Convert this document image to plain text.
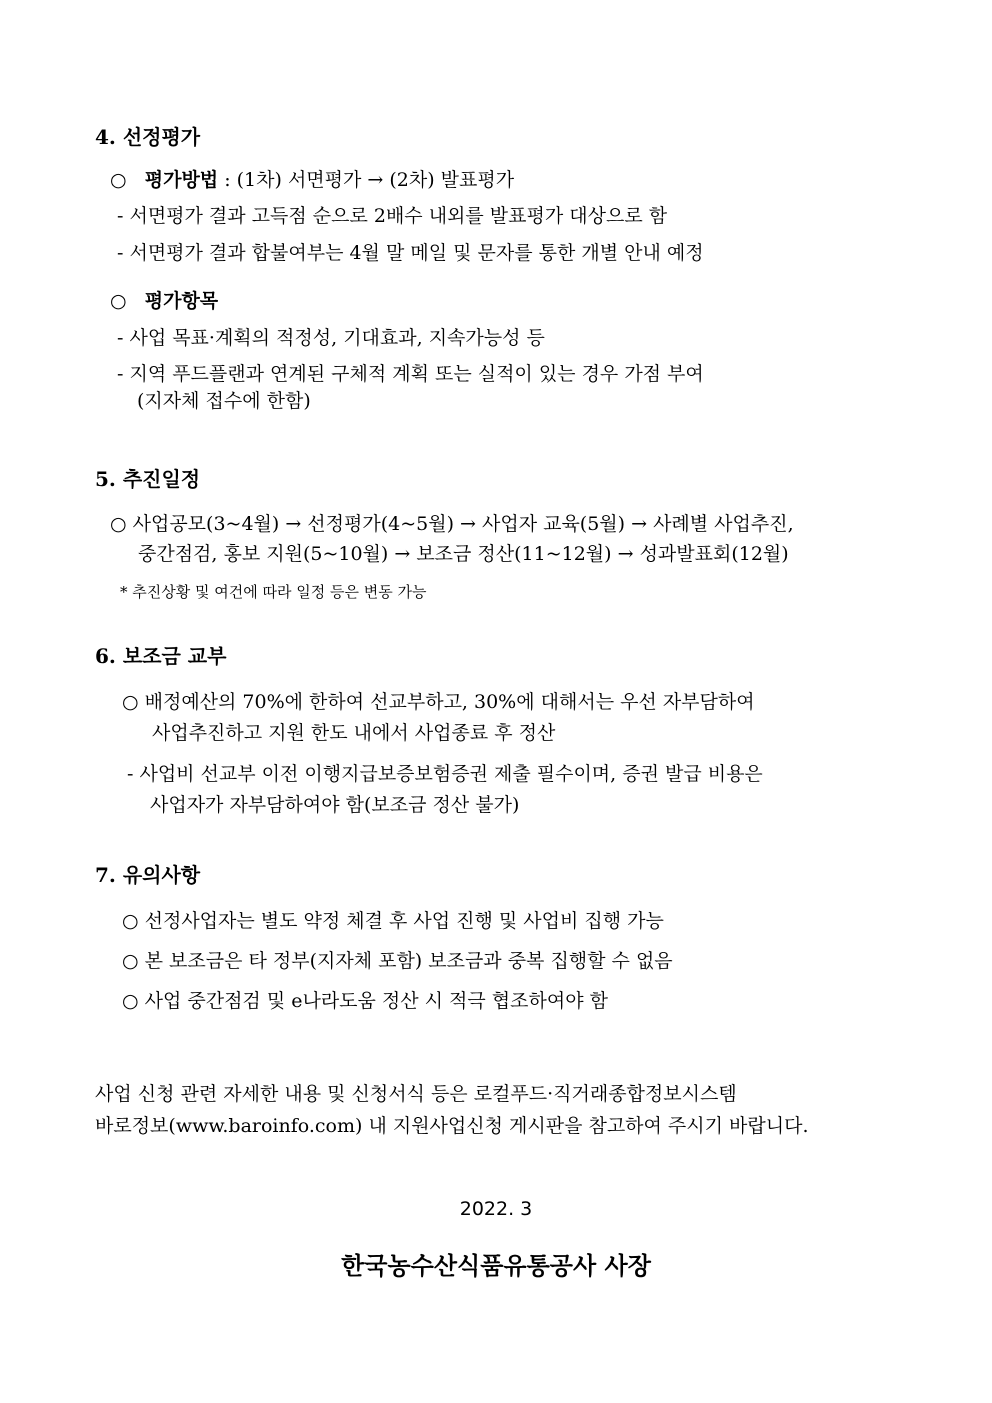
4. 선정평가
○ 평가방법 : (1차) 서면평가 → (2차) 발표평가
- 서면평가 결과 고득점 순으로 2배수 내외를 발표평가 대상으로 함
- 서면평가 결과 합불여부는 4월 말 메일 및 문자를 통한 개별 안내 예정
○ 평가항목
- 사업 목표·계획의 적정성, 기대효과, 지속가능성 등
- 지역 푸드플랜과 연계된 구체적 계획 또는 실적이 있는 경우 가점 부여
(지자체 접수에 한함)
5. 추진일정
○ 사업공모(3~4월) → 선정평가(4~5월) → 사업자 교육(5월) → 사례별 사업추진,
중간점검, 홍보 지원(5~10월) → 보조금 정산(11~12월) → 성과발표회(12월)
* 추진상황 및 여건에 따라 일정 등은 변동 가능
6. 보조금 교부
○ 배정예산의 70%에 한하여 선교부하고, 30%에 대해서는 우선 자부담하여
사업추진하고 지원 한도 내에서 사업종료 후 정산
- 사업비 선교부 이전 이행지급보증보험증권 제출 필수이며, 증권 발급 비용은
사업자가 자부담하여야 함(보조금 정산 불가)
7. 유의사항
○ 선정사업자는 별도 약정 체결 후 사업 진행 및 사업비 집행 가능
○ 본 보조금은 타 정부(지자체 포함) 보조금과 중복 집행할 수 없음
○ 사업 중간점검 및 e나라도움 정산 시 적극 협조하여야 함
사업 신청 관련 자세한 내용 및 신청서식 등은 로컬푸드·직거래종합정보시스템
바로정보(www.baroinfo.com) 내 지원사업신청 게시판을 참고하여 주시기 바랍니다.
2022. 3
한국농수산식품유통공사 사장
